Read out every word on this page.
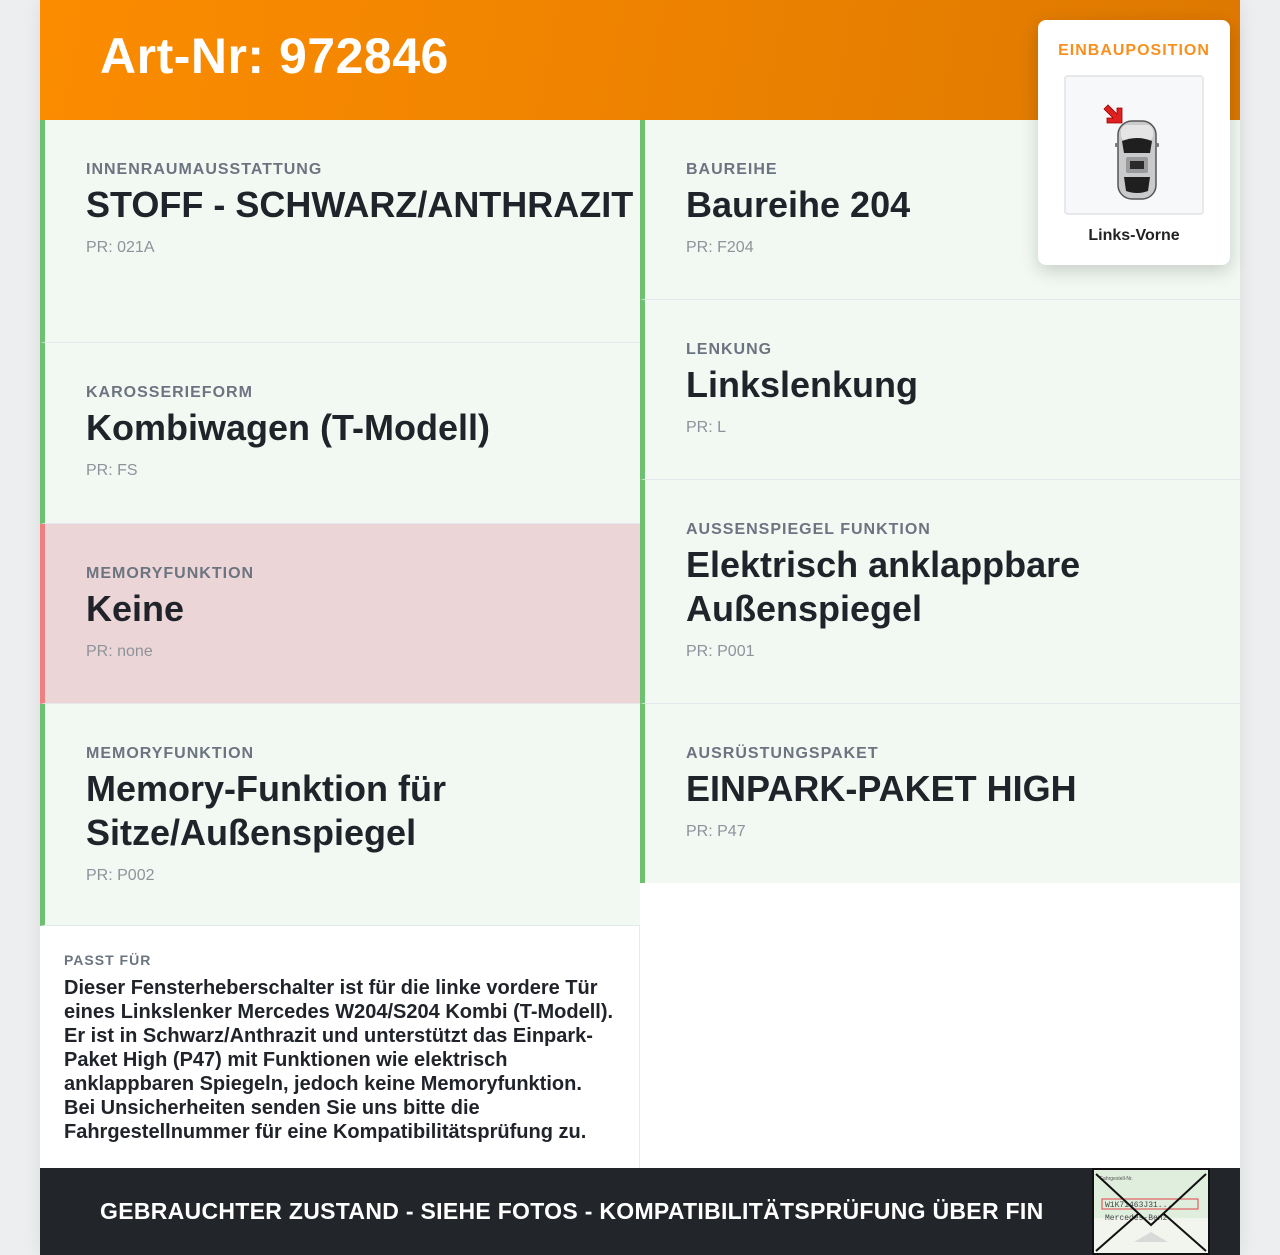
Art-Nr: 972846	EINBAUPOSITION
Links-Vorne
INNENRAUMAUSSTATTUNG
STOFF - SCHWARZ/ANTHRAZIT
PR: 021A
KAROSSERIEFORM
Kombiwagen (T-Modell)
PR: FS
MEMORYFUNKTION
Keine
PR: none
MEMORYFUNKTION
Memory-Funktion für Sitze/Außenspiegel
PR: P002
BAUREIHE
Baureihe 204
PR: F204
LENKUNG
Linkslenkung
PR: L
AUSSENSPIEGEL FUNKTION
Elektrisch anklappbare Außenspiegel
PR: P001
AUSRÜSTUNGSPAKET
EINPARK-PAKET HIGH
PR: P47
PASST FÜR
Dieser Fensterheberschalter ist für die linke vordere Tür eines Linkslenker Mercedes W204/S204 Kombi (T-Modell). Er ist in Schwarz/Anthrazit und unterstützt das Einpark-Paket High (P47) mit Funktionen wie elektrisch anklappbaren Spiegeln, jedoch keine Memoryfunktion. Bei Unsicherheiten senden Sie uns bitte die Fahrgestellnummer für eine Kompatibilitätsprüfung zu.
GEBRAUCHTER ZUSTAND - SIEHE FOTOS - KOMPATIBILITÄTSPRÜFUNG ÜBER FIN
Fahrgestell-Nr.
W1K71463J31...
Mercedes-Benz
